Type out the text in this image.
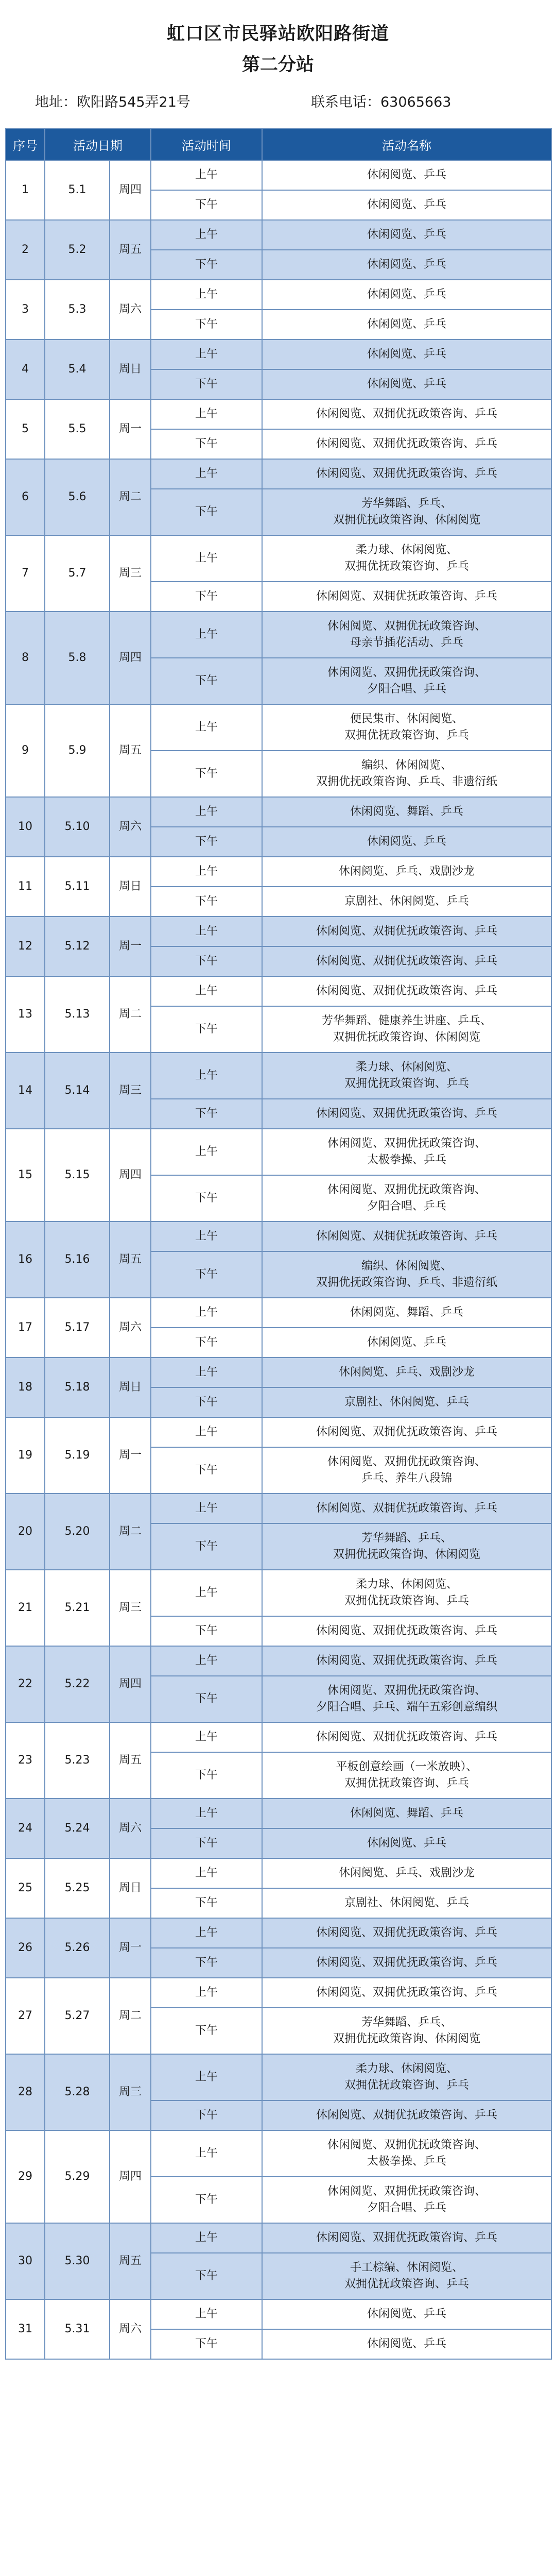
虹口区市民驿站欧阳路街道
第二分站
地址：欧阳路545弄21号	联系电话：63065663
序号	活动日期		活动时间	活动名称
1	5.1	周四	上午	休闲阅览、乒乓
			下午	休闲阅览、乒乓
2	5.2	周五	上午	休闲阅览、乒乓
			下午	休闲阅览、乒乓
3	5.3	周六	上午	休闲阅览、乒乓
			下午	休闲阅览、乒乓
4	5.4	周日	上午	休闲阅览、乒乓
			下午	休闲阅览、乒乓
5	5.5	周一	上午	休闲阅览、双拥优抚政策咨询、乒乓
			下午	休闲阅览、双拥优抚政策咨询、乒乓
6	5.6	周二	上午	休闲阅览、双拥优抚政策咨询、乒乓
			下午	芳华舞蹈、乒乓、
双拥优抚政策咨询、休闲阅览
7	5.7	周三	上午	柔力球、休闲阅览、
双拥优抚政策咨询、乒乓
			下午	休闲阅览、双拥优抚政策咨询、乒乓
8	5.8	周四	上午	休闲阅览、双拥优抚政策咨询、
母亲节插花活动、乒乓
			下午	休闲阅览、双拥优抚政策咨询、
夕阳合唱、乒乓
9	5.9	周五	上午	便民集市、休闲阅览、
双拥优抚政策咨询、乒乓
			下午	编织、休闲阅览、
双拥优抚政策咨询、乒乓、非遗衍纸
10	5.10	周六	上午	休闲阅览、舞蹈、乒乓
			下午	休闲阅览、乒乓
11	5.11	周日	上午	休闲阅览、乒乓、戏剧沙龙
			下午	京剧社、休闲阅览、乒乓
12	5.12	周一	上午	休闲阅览、双拥优抚政策咨询、乒乓
			下午	休闲阅览、双拥优抚政策咨询、乒乓
13	5.13	周二	上午	休闲阅览、双拥优抚政策咨询、乒乓
			下午	芳华舞蹈、健康养生讲座、乒乓、
双拥优抚政策咨询、休闲阅览
14	5.14	周三	上午	柔力球、休闲阅览、
双拥优抚政策咨询、乒乓
			下午	休闲阅览、双拥优抚政策咨询、乒乓
15	5.15	周四	上午	休闲阅览、双拥优抚政策咨询、
太极拳操、乒乓
			下午	休闲阅览、双拥优抚政策咨询、
夕阳合唱、乒乓
16	5.16	周五	上午	休闲阅览、双拥优抚政策咨询、乒乓
			下午	编织、休闲阅览、
双拥优抚政策咨询、乒乓、非遗衍纸
17	5.17	周六	上午	休闲阅览、舞蹈、乒乓
			下午	休闲阅览、乒乓
18	5.18	周日	上午	休闲阅览、乒乓、戏剧沙龙
			下午	京剧社、休闲阅览、乒乓
19	5.19	周一	上午	休闲阅览、双拥优抚政策咨询、乒乓
			下午	休闲阅览、双拥优抚政策咨询、
乒乓、养生八段锦
20	5.20	周二	上午	休闲阅览、双拥优抚政策咨询、乒乓
			下午	芳华舞蹈、乒乓、
双拥优抚政策咨询、休闲阅览
21	5.21	周三	上午	柔力球、休闲阅览、
双拥优抚政策咨询、乒乓
			下午	休闲阅览、双拥优抚政策咨询、乒乓
22	5.22	周四	上午	休闲阅览、双拥优抚政策咨询、乒乓
			下午	休闲阅览、双拥优抚政策咨询、
夕阳合唱、乒乓、端午五彩创意编织
23	5.23	周五	上午	休闲阅览、双拥优抚政策咨询、乒乓
			下午	平板创意绘画（一米放映）、
双拥优抚政策咨询、乒乓
24	5.24	周六	上午	休闲阅览、舞蹈、乒乓
			下午	休闲阅览、乒乓
25	5.25	周日	上午	休闲阅览、乒乓、戏剧沙龙
			下午	京剧社、休闲阅览、乒乓
26	5.26	周一	上午	休闲阅览、双拥优抚政策咨询、乒乓
			下午	休闲阅览、双拥优抚政策咨询、乒乓
27	5.27	周二	上午	休闲阅览、双拥优抚政策咨询、乒乓
			下午	芳华舞蹈、乒乓、
双拥优抚政策咨询、休闲阅览
28	5.28	周三	上午	柔力球、休闲阅览、
双拥优抚政策咨询、乒乓
			下午	休闲阅览、双拥优抚政策咨询、乒乓
29	5.29	周四	上午	休闲阅览、双拥优抚政策咨询、
太极拳操、乒乓
			下午	休闲阅览、双拥优抚政策咨询、
夕阳合唱、乒乓
30	5.30	周五	上午	休闲阅览、双拥优抚政策咨询、乒乓
			下午	手工棕编、休闲阅览、
双拥优抚政策咨询、乒乓
31	5.31	周六	上午	休闲阅览、乒乓
			下午	休闲阅览、乒乓
